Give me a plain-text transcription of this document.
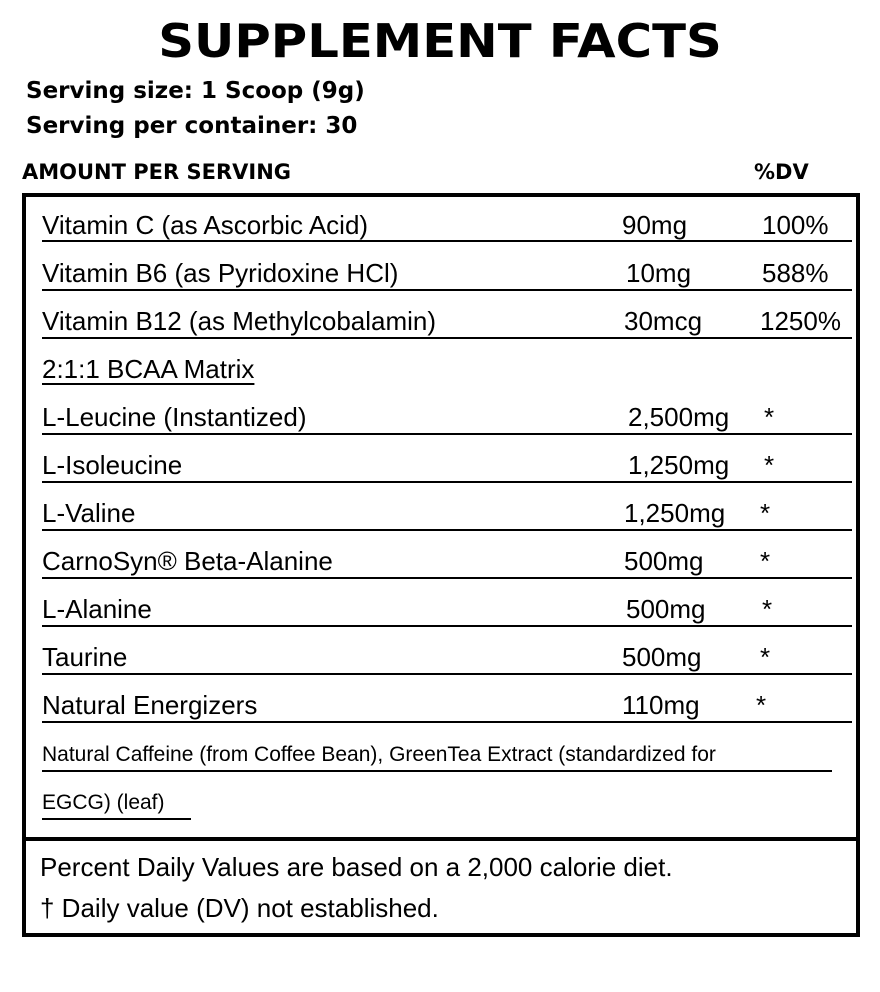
SUPPLEMENT FACTS
Serving size: 1 Scoop (9g)
Serving per container: 30
AMOUNT PER SERVING	%DV
Vitamin C (as Ascorbic Acid)	90mg	100%
Vitamin B6 (as Pyridoxine HCl)	10mg	588%
Vitamin B12 (as Methylcobalamin)	30mcg 1250%
2:1:1 BCAA Matrix
L-Leucine (Instantized)	2,500mg *
L-Isoleucine	1,250mg *
L-Valine	1,250mg *
CarnoSyn® Beta-Alanine	500mg *
L-Alanine	500mg *
Taurine	500mg *
Natural Energizers	110mg *
Natural Caffeine (from Coffee Bean), GreenTea Extract (standardized for
EGCG) (leaf)
Percent Daily Values are based on a 2,000 calorie diet.
† Daily value (DV) not established.
